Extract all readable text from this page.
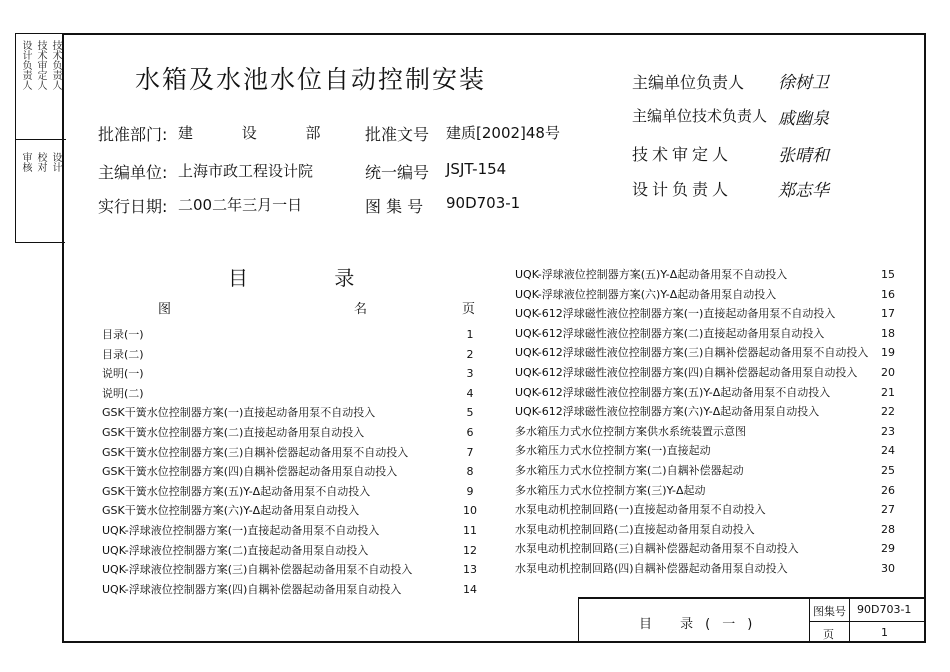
设计负责人 技术审定人 技术负责人
审核 校对 设计
水箱及水池水位自动控制安装
批准部门: 建 设 部 批准文号 建质[2002]48号
主编单位: 上海市政工程设计院	统一编号 JSJT-154
实行日期: 二00二年三月一日	图 集 号 90D703-1
主编单位负责人 徐树卫
主编单位技术负责人 戚幽泉
技术审定人	张晴和
设计负责人	郑志华
目 录
图	名	页
目录(一)	1
目录(二)	2
说明(一)	3
说明(二)	4
GSK干簧水位控制器方案(一)直接起动备用泵不自动投入	5
GSK干簧水位控制器方案(二)直接起动备用泵自动投入	6
GSK干簧水位控制器方案(三)自耦补偿器起动备用泵不自动投入	7
GSK干簧水位控制器方案(四)自耦补偿器起动备用泵自动投入	8
GSK干簧水位控制器方案(五)Y-Δ起动备用泵不自动投入	9
GSK干簧水位控制器方案(六)Y-Δ起动备用泵自动投入	10
UQK-浮球液位控制器方案(一)直接起动备用泵不自动投入	11
UQK-浮球液位控制器方案(二)直接起动备用泵自动投入	12
UQK-浮球液位控制器方案(三)自耦补偿器起动备用泵不自动投入	13
UQK-浮球液位控制器方案(四)自耦补偿器起动备用泵自动投入	14
UQK-浮球液位控制器方案(五)Y-Δ起动备用泵不自动投入	15
UQK-浮球液位控制器方案(六)Y-Δ起动备用泵自动投入	16
UQK-612浮球磁性液位控制器方案(一)直接起动备用泵不自动投入	17
UQK-612浮球磁性液位控制器方案(二)直接起动备用泵自动投入	18
UQK-612浮球磁性液位控制器方案(三)自耦补偿器起动备用泵不自动投入 19
UQK-612浮球磁性液位控制器方案(四)自耦补偿器起动备用泵自动投入 20
UQK-612浮球磁性液位控制器方案(五)Y-Δ起动备用泵不自动投入	21
UQK-612浮球磁性液位控制器方案(六)Y-Δ起动备用泵自动投入	22
多水箱压力式水位控制方案供水系统装置示意图	23
多水箱压力式水位控制方案(一)直接起动	24
多水箱压力式水位控制方案(二)自耦补偿器起动	25
多水箱压力式水位控制方案(三)Y-Δ起动	26
水泵电动机控制回路(一)直接起动备用泵不自动投入	27
水泵电动机控制回路(二)直接起动备用泵自动投入	28
水泵电动机控制回路(三)自耦补偿器起动备用泵不自动投入	29
水泵电动机控制回路(四)自耦补偿器起动备用泵自动投入	30
目 录(一)
图集号 90D703-1
页	1
